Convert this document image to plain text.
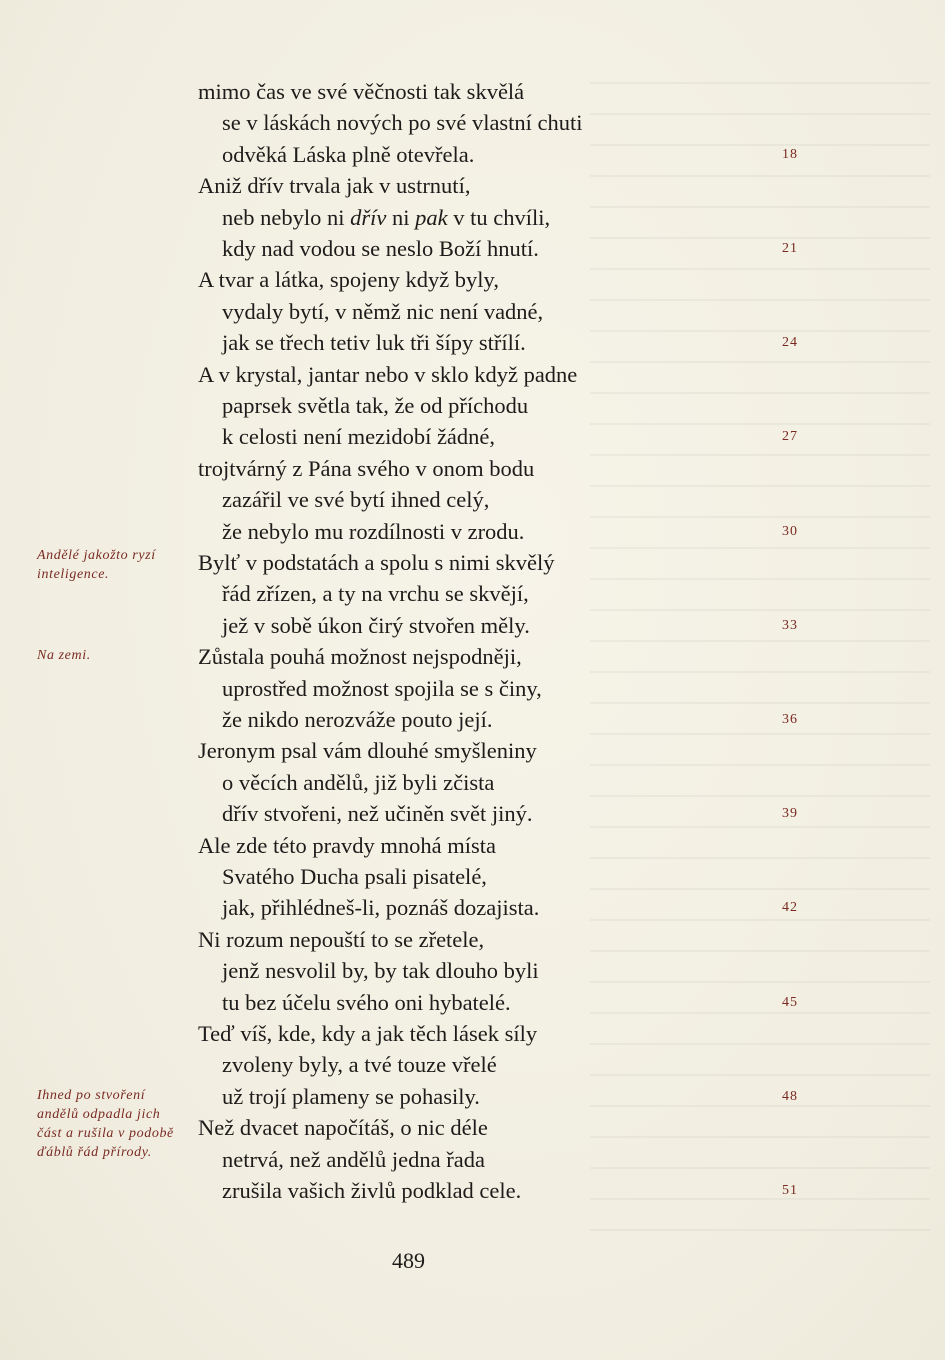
mimo čas ve své věčnosti tak skvělá
se v láskách nových po své vlastní chuti
odvěká Láska plně otevřela.
Aniž dřív trvala jak v ustrnutí,
neb nebylo ni dřív ni pak v tu chvíli,
kdy nad vodou se neslo Boží hnutí.
A tvar a látka, spojeny když byly,
vydaly bytí, v němž nic není vadné,
jak se třech tetiv luk tři šípy střílí.
A v krystal, jantar nebo v sklo když padne
paprsek světla tak, že od příchodu
k celosti není mezidobí žádné,
trojtvárný z Pána svého v onom bodu
zazářil ve své bytí ihned celý,
že nebylo mu rozdílnosti v zrodu.
Bylť v podstatách a spolu s nimi skvělý
řád zřízen, a ty na vrchu se skvějí,
jež v sobě úkon čirý stvořen měly.
Zůstala pouhá možnost nejspodněji,
uprostřed možnost spojila se s činy,
že nikdo nerozváže pouto její.
Jeronym psal vám dlouhé smyšleniny
o věcích andělů, již byli zčista
dřív stvořeni, než učiněn svět jiný.
Ale zde této pravdy mnohá místa
Svatého Ducha psali pisatelé,
jak, přihlédneš-li, poznáš dozajista.
Ni rozum nepouští to se zřetele,
jenž nesvolil by, by tak dlouho byli
tu bez účelu svého oni hybatelé.
Teď víš, kde, kdy a jak těch lásek síly
zvoleny byly, a tvé touze vřelé
už trojí plameny se pohasily.
Než dvacet napočítáš, o nic déle
netrvá, než andělů jedna řada
zrušila vašich živlů podklad cele.
18
21
24
27
30
33
36
39
42
45
48
51
Andělé jakožto ryzí inteligence.
Na zemi.
Ihned po stvoření andělů odpadla jich část a rušila v podobě ďáblů řád přírody.
489
